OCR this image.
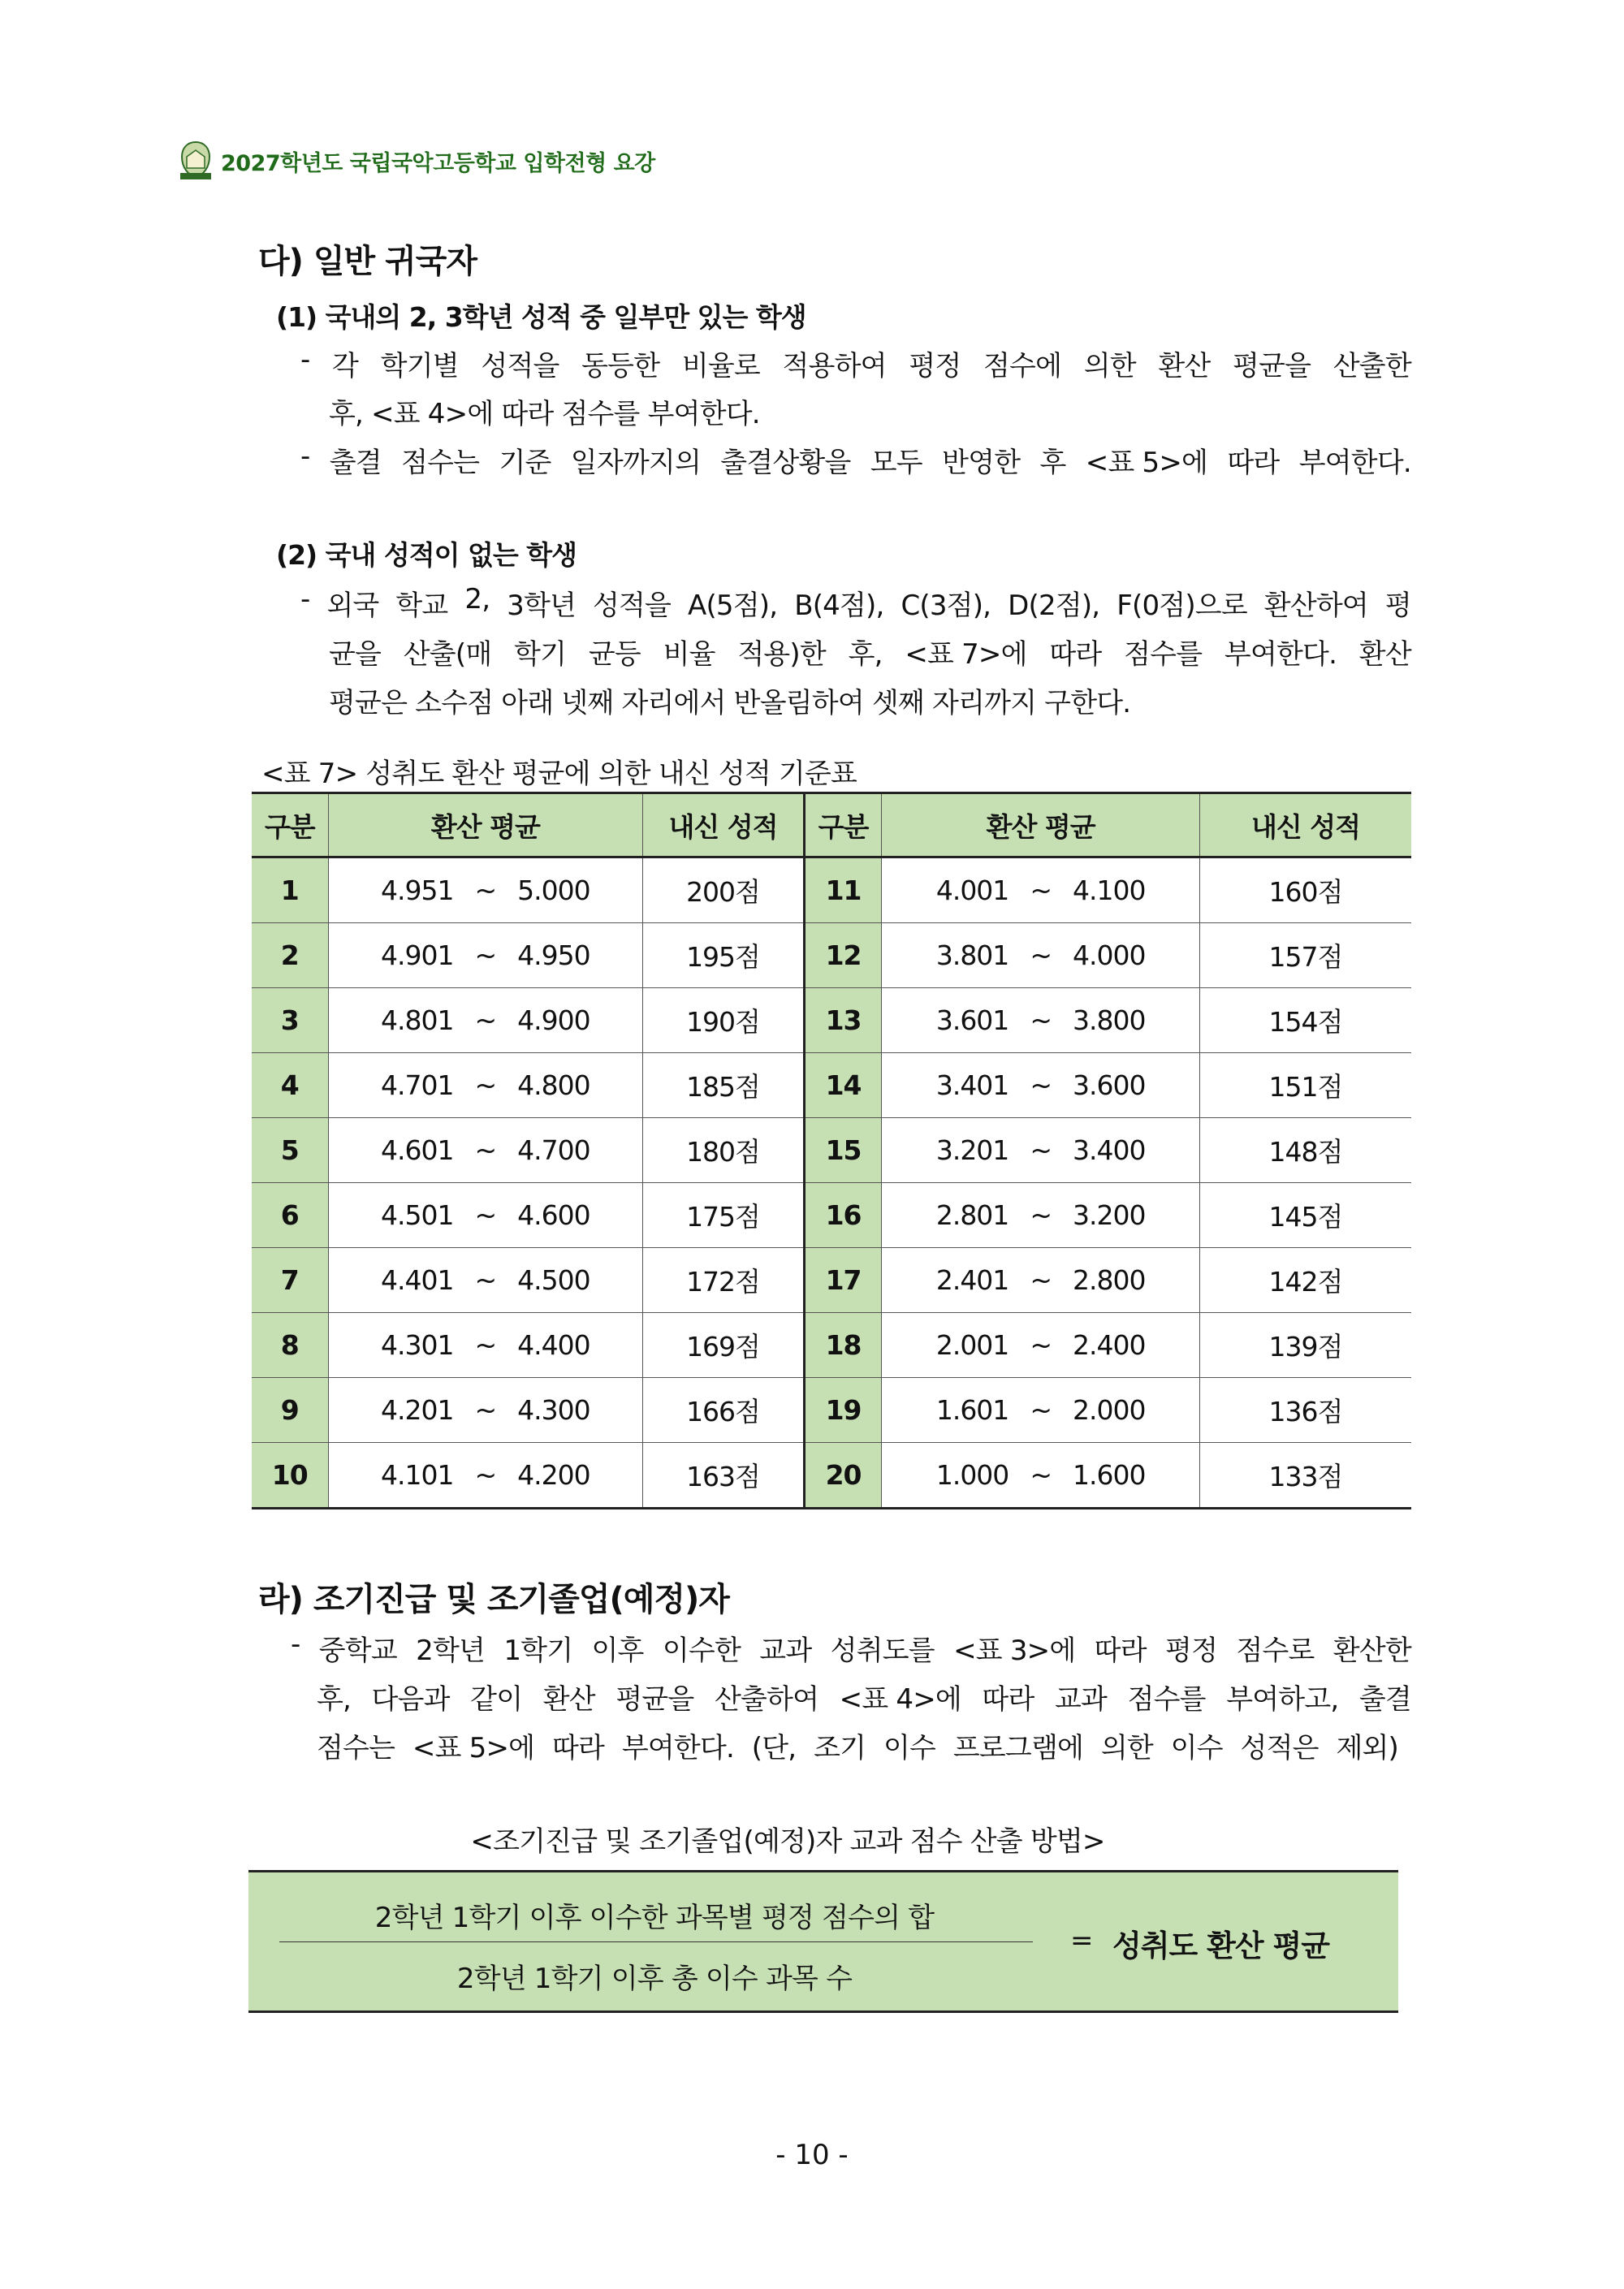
2027학년도 국립국악고등학교 입학전형 요강
다) 일반 귀국자
(1) 국내의 2, 3학년 성적 중 일부만 있는 학생
- 각 학기별 성적을 동등한 비율로 적용하여 평정 점수에 의한 환산 평균을 산출한
후, <표 4>에 따라 점수를 부여한다.
- 출결 점수는 기준 일자까지의 출결상황을 모두 반영한 후 <표 5>에 따라 부여한다.
(2) 국내 성적이 없는 학생
- 외국 학교 2, 3학년 성적을 A(5점), B(4점), C(3점), D(2점), F(0점)으로 환산하여 평
균을 산출(매 학기 균등 비율 적용)한 후, <표 7>에 따라 점수를 부여한다. 환산
평균은 소수점 아래 넷째 자리에서 반올림하여 셋째 자리까지 구한다.
<표 7> 성취도 환산 평균에 의한 내신 성적 기준표
구분	환산 평균	내신 성적	구분	환산 평균	내신 성적
1	4.951 ~ 5.000	200점	11	4.001 ~ 4.100	160점
2	4.901 ~ 4.950	195점	12	3.801 ~ 4.000	157점
3	4.801 ~ 4.900	190점	13	3.601 ~ 3.800	154점
4	4.701 ~ 4.800	185점	14	3.401 ~ 3.600	151점
5	4.601 ~ 4.700	180점	15	3.201 ~ 3.400	148점
6	4.501 ~ 4.600	175점	16	2.801 ~ 3.200	145점
7	4.401 ~ 4.500	172점	17	2.401 ~ 2.800	142점
8	4.301 ~ 4.400	169점	18	2.001 ~ 2.400	139점
9	4.201 ~ 4.300	166점	19	1.601 ~ 2.000	136점
10	4.101 ~ 4.200	163점	20	1.000 ~ 1.600	133점
라) 조기진급 및 조기졸업(예정)자
- 중학교 2학년 1학기 이후 이수한 교과 성취도를 <표 3>에 따라 평정 점수로 환산한
후, 다음과 같이 환산 평균을 산출하여 <표 4>에 따라 교과 점수를 부여하고, 출결
점수는 <표 5>에 따라 부여한다. (단, 조기 이수 프로그램에 의한 이수 성적은 제외)
<조기진급 및 조기졸업(예정)자 교과 점수 산출 방법>
2학년 1학기 이후 이수한 과목별 평정 점수의 합
2학년 1학기 이후 총 이수 과목 수
= 성취도 환산 평균
- 10 -
